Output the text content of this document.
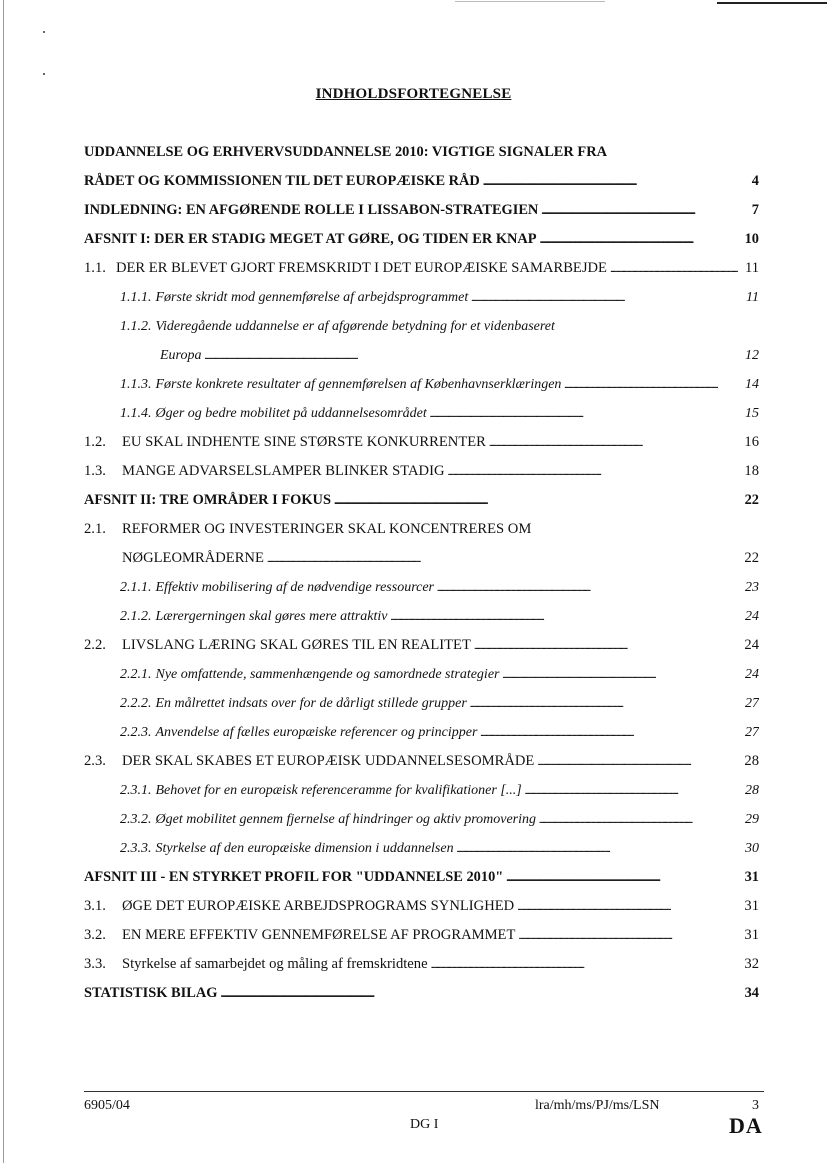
INDHOLDSFORTEGNELSE
UDDANNELSE OG ERHVERVSUDDANNELSE 2010: VIGTIGE SIGNALER FRA
RÅDET OG KOMMISSIONEN TIL DET EUROPÆISKE RÅD . . .	4
INDLEDNING: EN AFGØRENDE ROLLE I LISSABON-STRATEGIEN . . .	7
AFSNIT I: DER ER STADIG MEGET AT GØRE, OG TIDEN ER KNAP . . .	10
1.1. DER ER BLEVET GJORT FREMSKRIDT I DET EUROPÆISKE SAMARBEJDE . . .	11
1.1.1. Første skridt mod gennemførelse af arbejdsprogrammet . . .	11
1.1.2. Videregående uddannelse er af afgørende betydning for et videnbaseret
Europa . . .	12
1.1.3. Første konkrete resultater af gennemførelsen af Københavnserklæringen . . .	14
1.1.4. Øger og bedre mobilitet på uddannelsesområdet . . .	15
1.2.	EU SKAL INDHENTE SINE STØRSTE KONKURRENTER . . .	16
1.3.	MANGE ADVARSELSLAMPER BLINKER STADIG . . .	18
AFSNIT II: TRE OMRÅDER I FOKUS . . .	22
2.1.	REFORMER OG INVESTERINGER SKAL KONCENTRERES OM
NØGLEOMRÅDERNE . . .	22
2.1.1. Effektiv mobilisering af de nødvendige ressourcer . . .	23
2.1.2. Lærergerningen skal gøres mere attraktiv . . .	24
2.2.	LIVSLANG LÆRING SKAL GØRES TIL EN REALITET . . .	24
2.2.1. Nye omfattende, sammenhængende og samordnede strategier . . .	24
2.2.2. En målrettet indsats over for de dårligt stillede grupper . . .	27
2.2.3. Anvendelse af fælles europæiske referencer og principper . . .	27
2.3.	DER SKAL SKABES ET EUROPÆISK UDDANNELSESOMRÅDE . . .	28
2.3.1. Behovet for en europæisk referenceramme for kvalifikationer [...] . . .	28
2.3.2. Øget mobilitet gennem fjernelse af hindringer og aktiv promovering . . .	29
2.3.3. Styrkelse af den europæiske dimension i uddannelsen . . .	30
AFSNIT III - EN STYRKET PROFIL FOR "UDDANNELSE 2010" . . .	31
3.1.	ØGE DET EUROPÆISKE ARBEJDSPROGRAMS SYNLIGHED . . .	31
3.2.	EN MERE EFFEKTIV GENNEMFØRELSE AF PROGRAMMET . . .	31
3.3.	Styrkelse af samarbejdet og måling af fremskridtene . . .	32
STATISTISK BILAG . . .	34
6905/04	lra/mh/ms/PJ/ms/LSN	3
DG I	DA
